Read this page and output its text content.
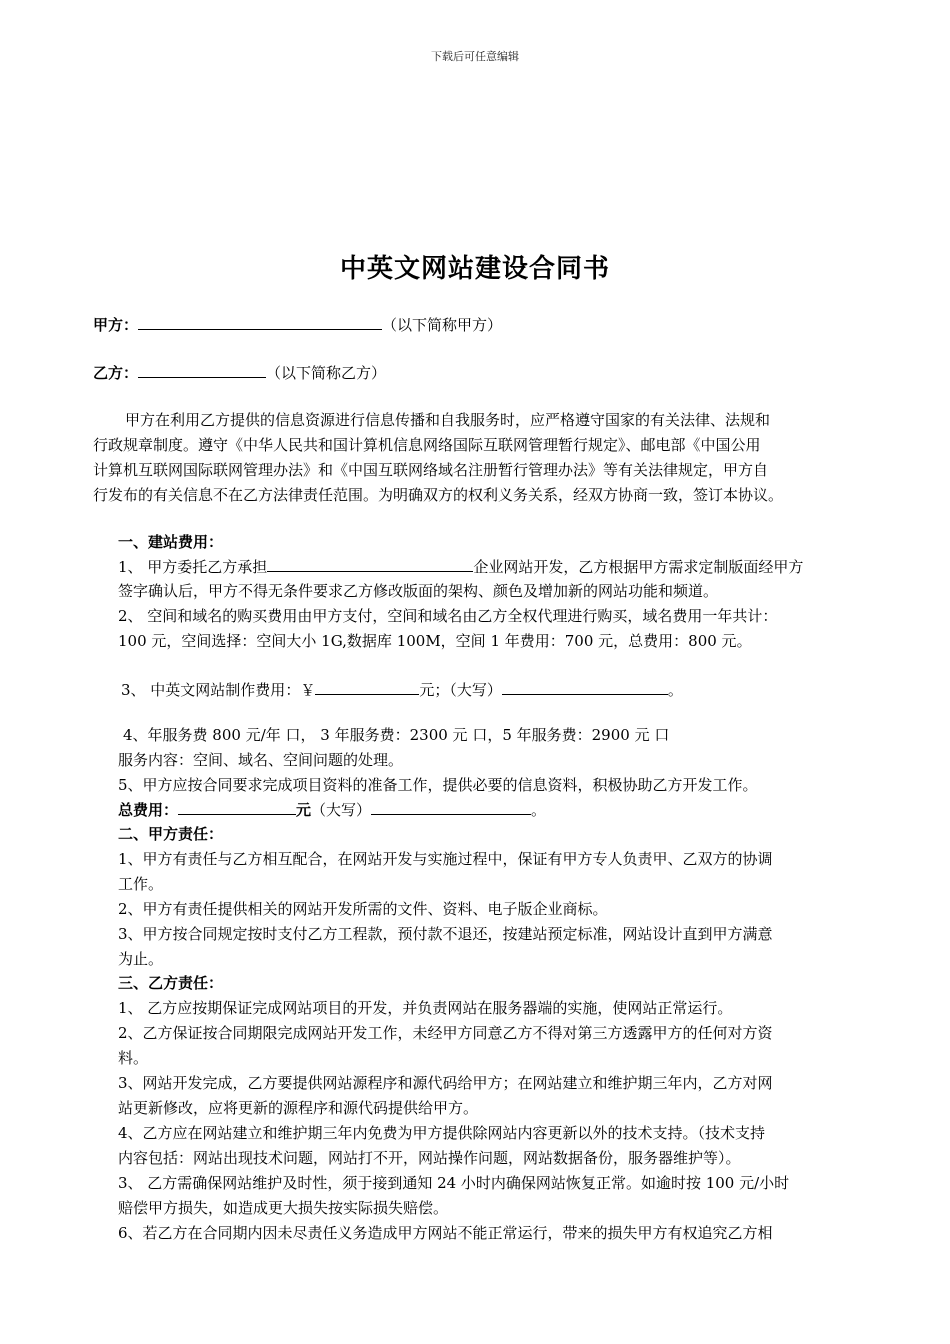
下载后可任意编辑
中英文网站建设合同书
甲方：	（以下简称甲方）
乙方：	（以下简称乙方）
甲方在利用乙方提供的信息资源进行信息传播和自我服务时，应严格遵守国家的有关法律、法规和
行政规章制度。遵守《中华人民共和国计算机信息网络国际互联网管理暂行规定》、邮电部《中国公用
计算机互联网国际联网管理办法》和《中国互联网络域名注册暂行管理办法》等有关法律规定，甲方自
行发布的有关信息不在乙方法律责任范围。为明确双方的权利义务关系，经双方协商一致，签订本协议。
一、建站费用：
1、 甲方委托乙方承担	企业网站开发，乙方根据甲方需求定制版面经甲方
签字确认后，甲方不得无条件要求乙方修改版面的架构、颜色及增加新的网站功能和频道。
2、 空间和域名的购买费用由甲方支付，空间和域名由乙方全权代理进行购买，域名费用一年共计：
100 元，空间选择：空间大小 1G,数据库 100M，空间 1 年费用：700 元，总费用：800 元。
3、 中英文网站制作费用：￥	元；（大写）	。
4、年服务费 800 元/年 口， 3 年服务费：2300 元 口，5 年服务费：2900 元 口
服务内容：空间、域名、空间问题的处理。
5、甲方应按合同要求完成项目资料的准备工作，提供必要的信息资料，积极协助乙方开发工作。
总费用：	元（大写）	。
二、甲方责任：
1、甲方有责任与乙方相互配合，在网站开发与实施过程中，保证有甲方专人负责甲、乙双方的协调
工作。
2、甲方有责任提供相关的网站开发所需的文件、资料、电子版企业商标。
3、甲方按合同规定按时支付乙方工程款，预付款不退还，按建站预定标准，网站设计直到甲方满意
为止。
三、乙方责任：
1、 乙方应按期保证完成网站项目的开发，并负责网站在服务器端的实施，使网站正常运行。
2、乙方保证按合同期限完成网站开发工作，未经甲方同意乙方不得对第三方透露甲方的任何对方资
料。
3、网站开发完成，乙方要提供网站源程序和源代码给甲方；在网站建立和维护期三年内，乙方对网
站更新修改，应将更新的源程序和源代码提供给甲方。
4、乙方应在网站建立和维护期三年内免费为甲方提供除网站内容更新以外的技术支持。（技术支持
内容包括：网站出现技术问题，网站打不开，网站操作问题，网站数据备份，服务器维护等）。
3、 乙方需确保网站维护及时性，须于接到通知 24 小时内确保网站恢复正常。如逾时按 100 元/小时
赔偿甲方损失，如造成更大损失按实际损失赔偿。
6、若乙方在合同期内因未尽责任义务造成甲方网站不能正常运行，带来的损失甲方有权追究乙方相
